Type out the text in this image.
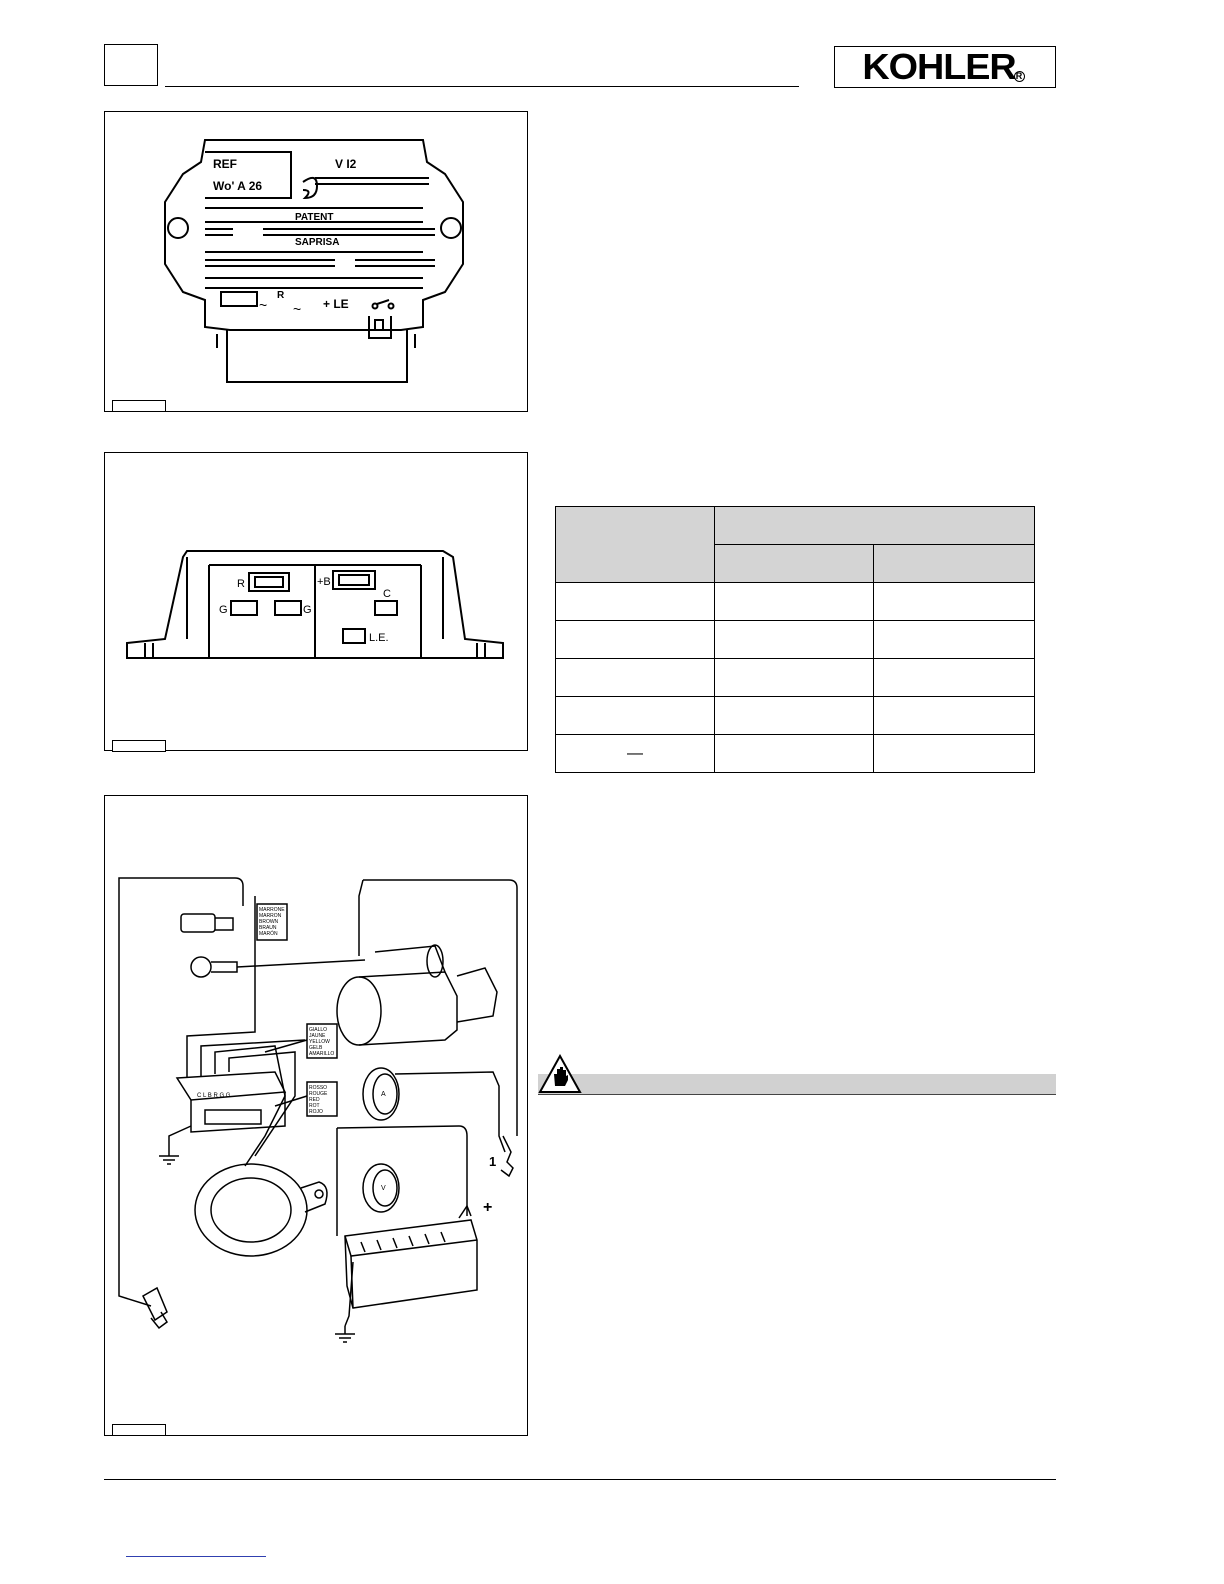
KOHLER R
REF
Wo' A 26
V I2
PATENT
SAPRISA
R
~ ~ + LE
R
G	G
+B
C
L.E.

—		
MARRONE
MARRON
BROWN
BRAUN
MARÓN
GIALLO
JAUNE
YELLOW
GELB
AMARILLO
ROSSO
ROUGE
RED
ROT
ROJO
C L B R G G
1
+
A
V
